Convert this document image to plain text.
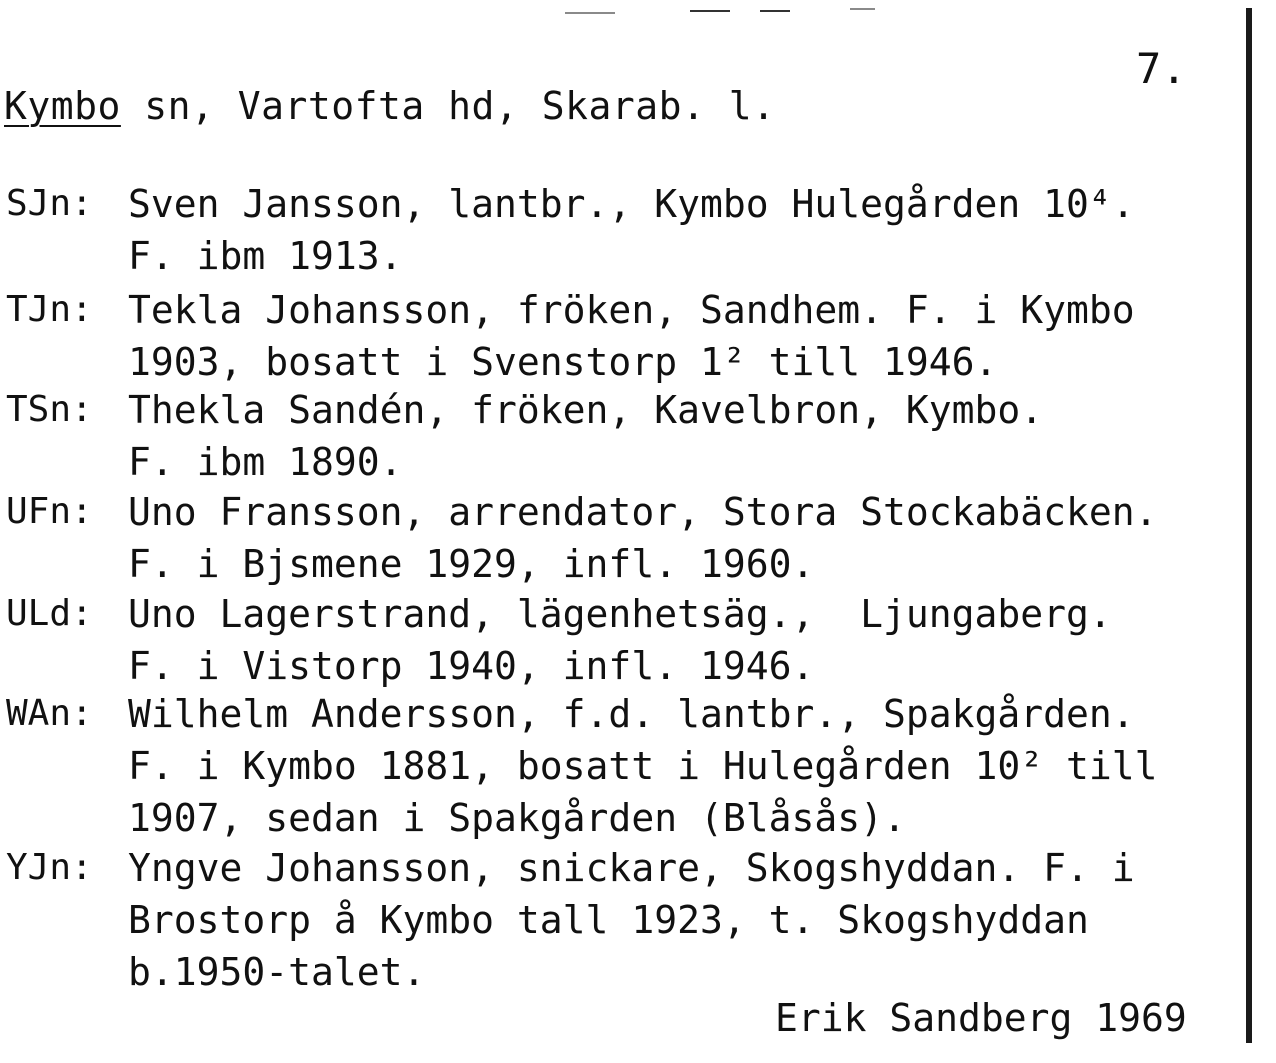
7.
Kymbo sn, Vartofta hd, Skarab. l.
SJn: Sven Jansson, lantbr., Kymbo Hulegården 10⁴.
F. ibm 1913.
TJn: Tekla Johansson, fröken, Sandhem. F. i Kymbo
1903, bosatt i Svenstorp 1² till 1946.
TSn: Thekla Sandén, fröken, Kavelbron, Kymbo.
F. ibm 1890.
UFn: Uno Fransson, arrendator, Stora Stockabäcken.
F. i Bjsmene 1929, infl. 1960.
ULd: Uno Lagerstrand, lägenhetsäg.,  Ljungaberg.
F. i Vistorp 1940, infl. 1946.
WAn: Wilhelm Andersson, f.d. lantbr., Spakgården.
F. i Kymbo 1881, bosatt i Hulegården 10² till
1907, sedan i Spakgården (Blåsås).
YJn: Yngve Johansson, snickare, Skogshyddan. F. i
Brostorp å Kymbo tall 1923, t. Skogshyddan
b.1950-talet.
Erik Sandberg 1969
